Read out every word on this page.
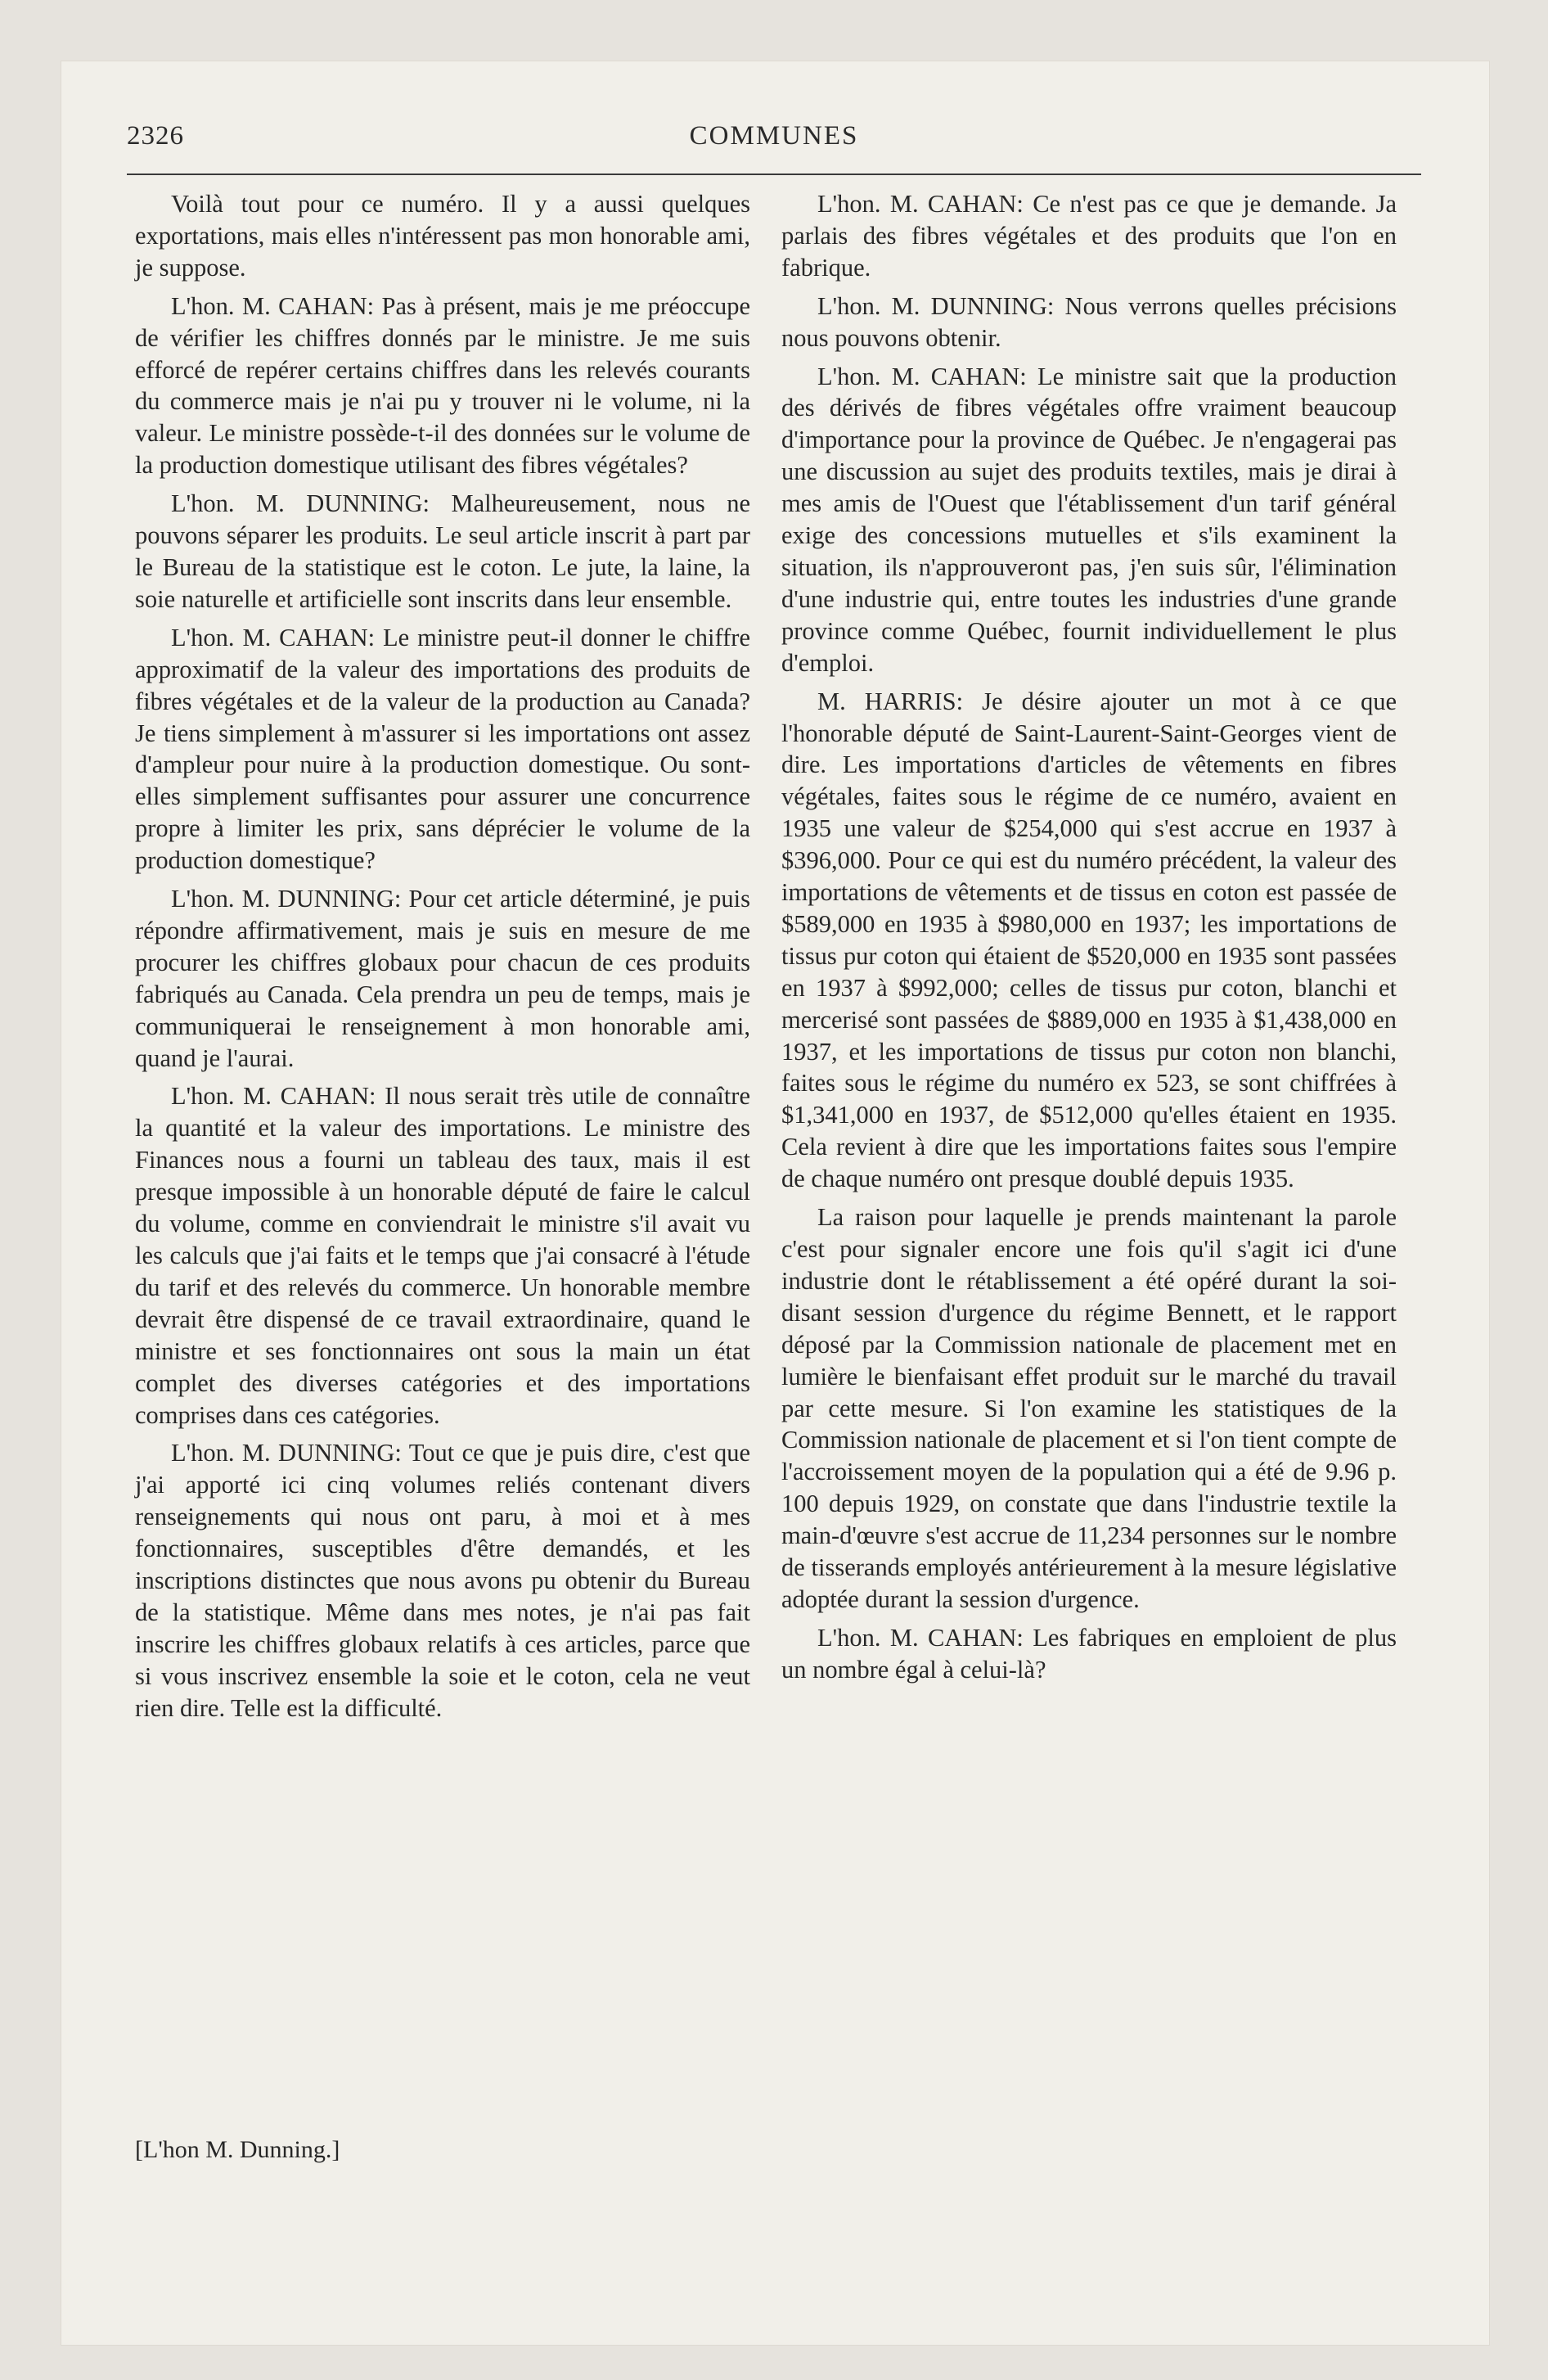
2326	COMMUNES

Voilà tout pour ce numéro. Il y a aussi quelques exportations, mais elles n'intéressent pas mon honorable ami, je suppose.

L'hon. M. CAHAN: Pas à présent, mais je me préoccupe de vérifier les chiffres donnés par le ministre. Je me suis efforcé de repérer certains chiffres dans les relevés courants du commerce mais je n'ai pu y trouver ni le volume, ni la valeur. Le ministre possède-t-il des données sur le volume de la production domestique utilisant des fibres végétales?

L'hon. M. DUNNING: Malheureusement, nous ne pouvons séparer les produits. Le seul article inscrit à part par le Bureau de la statistique est le coton. Le jute, la laine, la soie naturelle et artificielle sont inscrits dans leur ensemble.

L'hon. M. CAHAN: Le ministre peut-il donner le chiffre approximatif de la valeur des importations des produits de fibres végétales et de la valeur de la production au Canada? Je tiens simplement à m'assurer si les importations ont assez d'ampleur pour nuire à la production domestique. Ou sont-elles simplement suffisantes pour assurer une concurrence propre à limiter les prix, sans déprécier le volume de la production domestique?

L'hon. M. DUNNING: Pour cet article déterminé, je puis répondre affirmativement, mais je suis en mesure de me procurer les chiffres globaux pour chacun de ces produits fabriqués au Canada. Cela prendra un peu de temps, mais je communiquerai le renseignement à mon honorable ami, quand je l'aurai.

L'hon. M. CAHAN: Il nous serait très utile de connaître la quantité et la valeur des importations. Le ministre des Finances nous a fourni un tableau des taux, mais il est presque impossible à un honorable député de faire le calcul du volume, comme en conviendrait le ministre s'il avait vu les calculs que j'ai faits et le temps que j'ai consacré à l'étude du tarif et des relevés du commerce. Un honorable membre devrait être dispensé de ce travail extraordinaire, quand le ministre et ses fonctionnaires ont sous la main un état complet des diverses catégories et des importations comprises dans ces catégories.

L'hon. M. DUNNING: Tout ce que je puis dire, c'est que j'ai apporté ici cinq volumes reliés contenant divers renseignements qui nous ont paru, à moi et à mes fonctionnaires, susceptibles d'être demandés, et les inscriptions distinctes que nous avons pu obtenir du Bureau de la statistique. Même dans mes notes, je n'ai pas fait inscrire les chiffres globaux relatifs à ces articles, parce que si vous inscrivez ensemble la soie et le coton, cela ne veut rien dire. Telle est la difficulté.

[L'hon M. Dunning.]

L'hon. M. CAHAN: Ce n'est pas ce que je demande. Ja parlais des fibres végétales et des produits que l'on en fabrique.

L'hon. M. DUNNING: Nous verrons quelles précisions nous pouvons obtenir.

L'hon. M. CAHAN: Le ministre sait que la production des dérivés de fibres végétales offre vraiment beaucoup d'importance pour la province de Québec. Je n'engagerai pas une discussion au sujet des produits textiles, mais je dirai à mes amis de l'Ouest que l'établissement d'un tarif général exige des concessions mutuelles et s'ils examinent la situation, ils n'approuveront pas, j'en suis sûr, l'élimination d'une industrie qui, entre toutes les industries d'une grande province comme Québec, fournit individuellement le plus d'emploi.

M. HARRIS: Je désire ajouter un mot à ce que l'honorable député de Saint-Laurent-Saint-Georges vient de dire. Les importations d'articles de vêtements en fibres végétales, faites sous le régime de ce numéro, avaient en 1935 une valeur de $254,000 qui s'est accrue en 1937 à $396,000. Pour ce qui est du numéro précédent, la valeur des importations de vêtements et de tissus en coton est passée de $589,000 en 1935 à $980,000 en 1937; les importations de tissus pur coton qui étaient de $520,000 en 1935 sont passées en 1937 à $992,000; celles de tissus pur coton, blanchi et mercerisé sont passées de $889,000 en 1935 à $1,438,000 en 1937, et les importations de tissus pur coton non blanchi, faites sous le régime du numéro ex 523, se sont chiffrées à $1,341,000 en 1937, de $512,000 qu'elles étaient en 1935. Cela revient à dire que les importations faites sous l'empire de chaque numéro ont presque doublé depuis 1935.

La raison pour laquelle je prends maintenant la parole c'est pour signaler encore une fois qu'il s'agit ici d'une industrie dont le rétablissement a été opéré durant la soi-disant session d'urgence du régime Bennett, et le rapport déposé par la Commission nationale de placement met en lumière le bienfaisant effet produit sur le marché du travail par cette mesure. Si l'on examine les statistiques de la Commission nationale de placement et si l'on tient compte de l'accroissement moyen de la population qui a été de 9.96 p. 100 depuis 1929, on constate que dans l'industrie textile la main-d'œuvre s'est accrue de 11,234 personnes sur le nombre de tisserands employés antérieurement à la mesure législative adoptée durant la session d'urgence.

L'hon. M. CAHAN: Les fabriques en emploient de plus un nombre égal à celui-là?
